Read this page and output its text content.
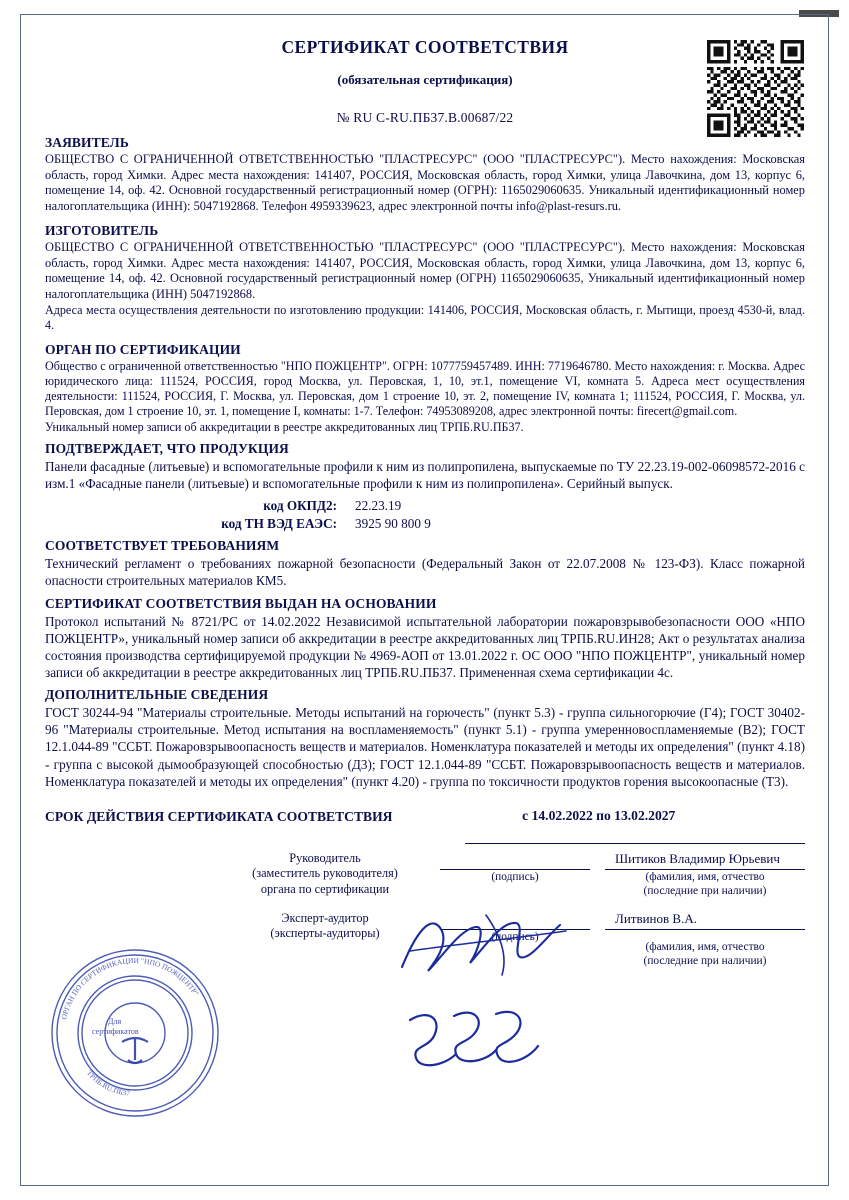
СЕРТИФИКАТ СООТВЕТСТВИЯ
(обязательная сертификация)
№ RU C-RU.ПБ37.В.00687/22
ЗАЯВИТЕЛЬ

ОБЩЕСТВО С ОГРАНИЧЕННОЙ ОТВЕТСТВЕННОСТЬЮ "ПЛАСТРЕСУРС" (ООО "ПЛАСТРЕСУРС"). Место нахождения: Московская область, город Химки. Адрес места нахождения: 141407, РОССИЯ, Московская область, город Химки, улица Лавочкина, дом 13, корпус 6, помещение 14, оф. 42. Основной государственный регистрационный номер (ОГРН): 1165029060635. Уникальный идентификационный номер налогоплательщика (ИНН): 5047192868. Телефон 4959339623, адрес электронной почты info@plast-resurs.ru.

ИЗГОТОВИТЕЛЬ

ОБЩЕСТВО С ОГРАНИЧЕННОЙ ОТВЕТСТВЕННОСТЬЮ "ПЛАСТРЕСУРС" (ООО "ПЛАСТРЕСУРС"). Место нахождения: Московская область, город Химки. Адрес места нахождения: 141407, РОССИЯ, Московская область, город Химки, улица Лавочкина, дом 13, корпус 6, помещение 14, оф. 42. Основной государственный регистрационный номер (ОГРН) 1165029060635, Уникальный идентификационный номер налогоплательщика (ИНН) 5047192868.

Адреса места осуществления деятельности по изготовлению продукции: 141406, РОССИЯ, Московская область, г. Мытищи, проезд 4530-й, влад. 4.

ОРГАН ПО СЕРТИФИКАЦИИ

Общество с ограниченной ответственностью "НПО ПОЖЦЕНТР". ОГРН: 1077759457489. ИНН: 7719646780. Место нахождения: г. Москва. Адрес юридического лица: 111524, РОССИЯ, город Москва, ул. Перовская, 1, 10, эт.1, помещение VI, комната 5. Адреса мест осуществления деятельности: 111524, РОССИЯ, Г. Москва, ул. Перовская, дом 1 строение 10, эт. 2, помещение IV, комната 1; 111524, РОССИЯ, Г. Москва, ул. Перовская, дом 1 строение 10, эт. 1, помещение I, комнаты: 1-7. Телефон: 74953089208, адрес электронной почты: firecert@gmail.com.

Уникальный номер записи об аккредитации в реестре аккредитованных лиц ТРПБ.RU.ПБ37.

ПОДТВЕРЖДАЕТ, ЧТО ПРОДУКЦИЯ

Панели фасадные (литьевые) и вспомогательные профили к ним из полипропилена, выпускаемые по ТУ 22.23.19-002-06098572-2016 с изм.1 «Фасадные панели (литьевые) и вспомогательные профили к ним из полипропилена». Серийный выпуск.

код ОКПД2:	22.23.19
код ТН ВЭД ЕАЭС:	3925 90 800 9
СООТВЕТСТВУЕТ ТРЕБОВАНИЯМ

Технический регламент о требованиях пожарной безопасности (Федеральный Закон от 22.07.2008 № 123-ФЗ). Класс пожарной опасности строительных материалов КМ5.

СЕРТИФИКАТ СООТВЕТСТВИЯ ВЫДАН НА ОСНОВАНИИ

Протокол испытаний № 8721/РС от 14.02.2022 Независимой испытательной лаборатории пожаровзрывобезопасности ООО «НПО ПОЖЦЕНТР», уникальный номер записи об аккредитации в реестре аккредитованных лиц ТРПБ.RU.ИН28; Акт о результатах анализа состояния производства сертифицируемой продукции № 4969-АОП от 13.01.2022 г. ОС ООО "НПО ПОЖЦЕНТР", уникальный номер записи об аккредитации в реестре аккредитованных лиц ТРПБ.RU.ПБ37. Примененная схема сертификации 4с.

ДОПОЛНИТЕЛЬНЫЕ СВЕДЕНИЯ

ГОСТ 30244-94 "Материалы строительные. Методы испытаний на горючесть" (пункт 5.3) - группа сильногорючие (Г4); ГОСТ 30402-96 "Материалы строительные. Метод испытания на воспламеняемость" (пункт 5.1) - группа умеренновоспламеняемые (В2); ГОСТ 12.1.044-89 "ССБТ. Пожаровзрывоопасность веществ и материалов. Номенклатура показателей и методы их определения" (пункт 4.18) - группа с высокой дымообразующей способностью (Д3); ГОСТ 12.1.044-89 "ССБТ. Пожаровзрывоопасность веществ и материалов. Номенклатура показателей и методы их определения" (пункт 4.20) - группа по токсичности продуктов горения высокоопасные (Т3).

СРОК ДЕЙСТВИЯ СЕРТИФИКАТА СООТВЕТСТВИЯ	с 14.02.2022 по 13.02.2027
Руководитель
(заместитель руководителя)
органа по сертификации
(подпись)
Шитиков Владимир Юрьевич
(фамилия, имя, отчество
(последние при наличии)
Эксперт-аудитор
(эксперты-аудиторы)	(подпись)
Литвинов В.А.
(фамилия, имя, отчество
(последние при наличии)
ОРГАН ПО СЕРТИФИКАЦИИ "НПО ПОЖЦЕНТР"
ТРПБ.RU.ПБ37
Для
сертификатов
